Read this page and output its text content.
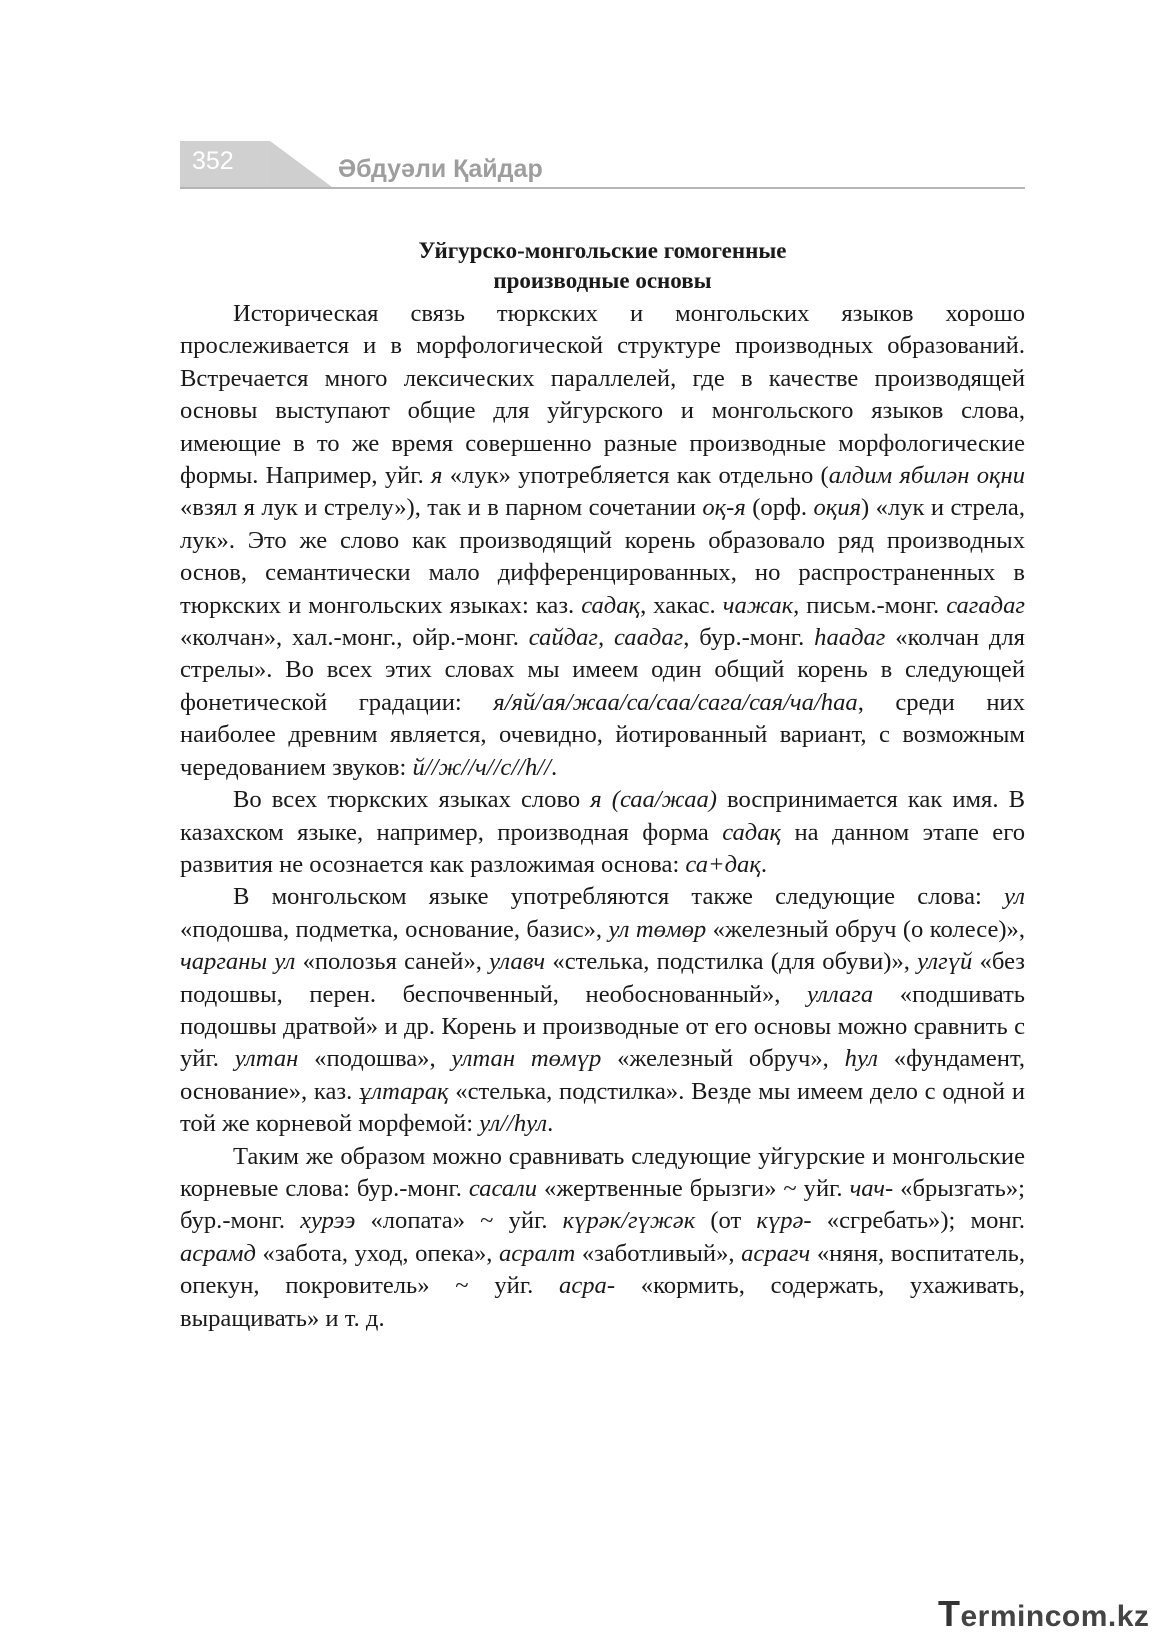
352	Әбдуәли Қайдар
Уйгурско-монгольские гомогенные
производные основы

Историческая связь тюркских и монгольских языков хорошо прослеживается и в морфологической структуре производных образований. Встречается много лексических параллелей, где в качестве производящей основы выступают общие для уйгурского и монгольского языков слова, имеющие в то же время совершенно разные производные морфологические формы. Например, уйг. я «лук» употребляется как отдельно (алдим ябилән оқни «взял я лук и стрелу»), так и в парном сочетании оқ-я (орф. оқия) «лук и стрела, лук». Это же слово как производящий корень образовало ряд производных основ, семантически мало дифференцированных, но распространенных в тюркских и монгольских языках: каз. садақ, хакас. чажак, письм.-монг. сагадаг «колчан», хал.-монг., ойр.-монг. сайдаг, саадаг, бур.-монг. һаадаг «колчан для стрелы». Во всех этих словах мы имеем один общий корень в следующей фонетической градации: я/яй/ая/жаа/са/саа/сага/сая/ча/һаа, среди них наиболее древним является, очевидно, йотированный вариант, с возможным чередованием звуков: й//ж//ч//с//һ//.

Во всех тюркских языках слово я (саа/жаа) воспринимается как имя. В казахском языке, например, производная форма садақ на данном этапе его развития не осознается как разложимая основа: са+дақ.

В монгольском языке употребляются также следующие слова: ул «подошва, подметка, основание, базис», ул төмөр «железный обруч (о колесе)», чарганы ул «полозья саней», улавч «стелька, подстилка (для обуви)», улгүй «без подошвы, перен. беспочвенный, необоснованный», уллага «подшивать подошвы дратвой» и др. Корень и производные от его основы можно сравнить с уйг. ултан «подошва», ултан төмүр «железный обруч», һул «фундамент, основание», каз. ұлтарақ «стелька, подстилка». Везде мы имеем дело с одной и той же корневой морфемой: ул//һул.

Таким же образом можно сравнивать следующие уйгурские и монгольские корневые слова: бур.-монг. сасали «жертвенные брызги» ~ уйг. чач- «брызгать»; бур.-монг. хурээ «лопата» ~ уйг. күрәк/гүжәк (от күрә- «сгребать»); монг. асрамд «забота, уход, опека», асралт «заботливый», асрагч «няня, воспитатель, опекун, покровитель» ~ уйг. асра- «кормить, содержать, ухаживать, выращивать» и т. д.

Termincom.kz
